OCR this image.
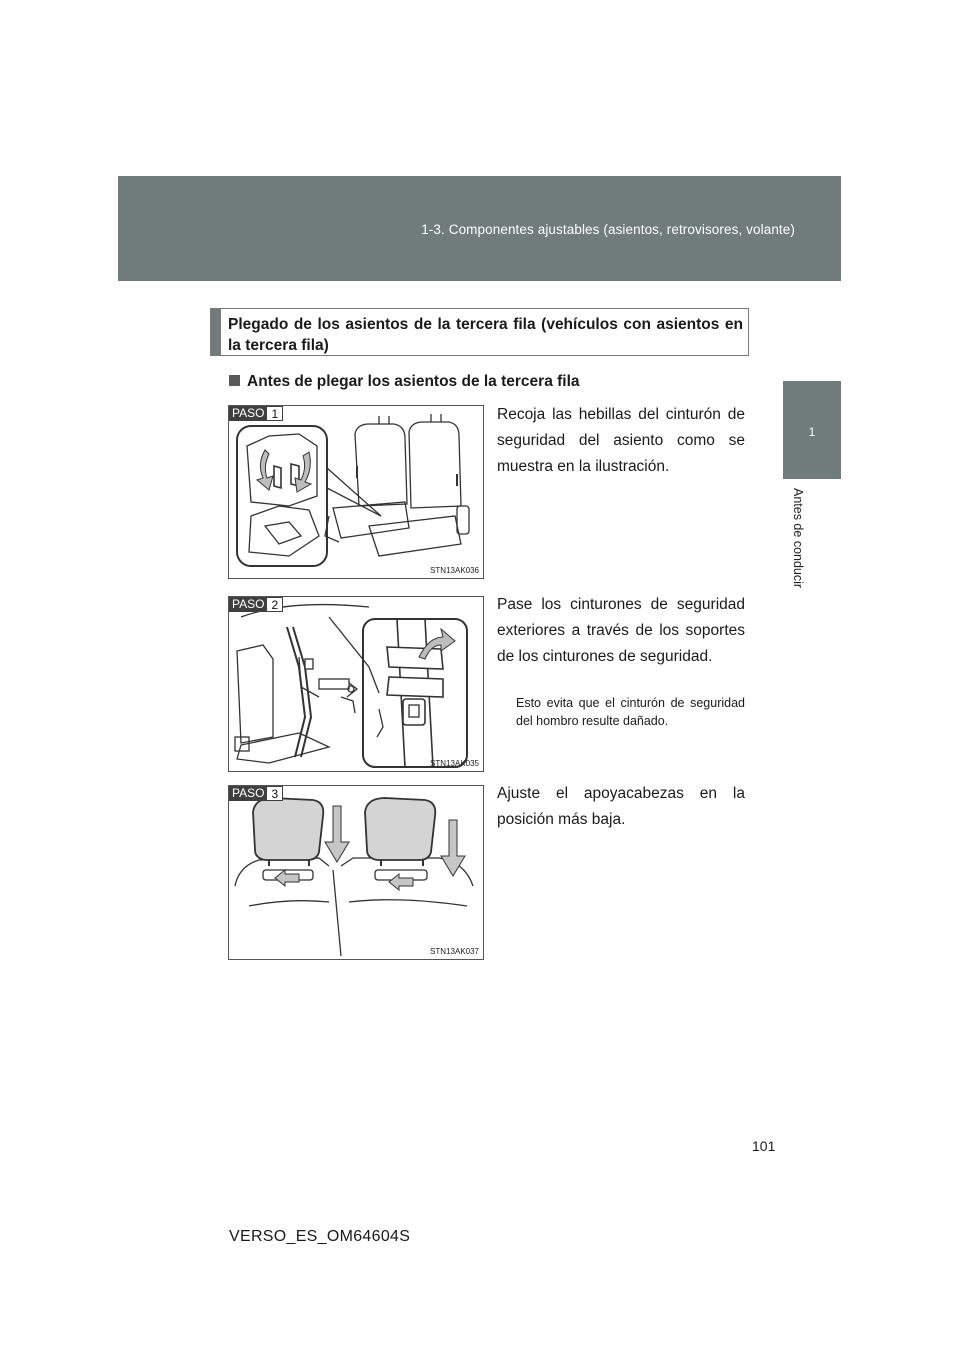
1-3. Componentes ajustables (asientos, retrovisores, volante)
1
Antes de conducir
Plegado de los asientos de la tercera fila (vehículos con asientos en la tercera fila)
Antes de plegar los asientos de la tercera fila
PASO 1
STN13AK036
Recoja las hebillas del cinturón de seguridad del asiento como se muestra en la ilustración.
PASO 2
STN13AK035
Pase los cinturones de seguridad exteriores a través de los soportes de los cinturones de seguridad.
Esto evita que el cinturón de seguridad del hombro resulte dañado.
PASO 3
STN13AK037
Ajuste el apoyacabezas en la posición más baja.
101
VERSO_ES_OM64604S
